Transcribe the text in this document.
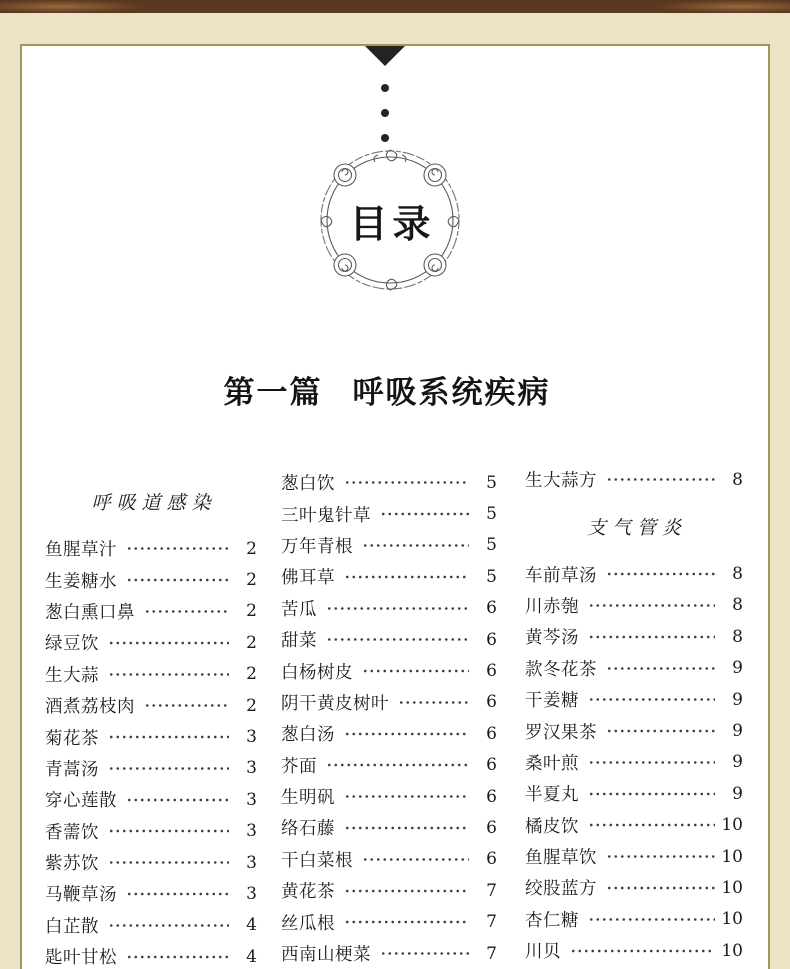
目录
第一篇 呼吸系统疾病
呼吸道感染
鱼腥草汁	2
生姜糖水	2
葱白熏口鼻	2
绿豆饮	2
生大蒜	2
酒煮荔枝肉	2
菊花茶	3
青蒿汤	3
穿心莲散	3
香薷饮	3
紫苏饮	3
马鞭草汤	3
白芷散	4
匙叶甘松	4
葱白饮	5
三叶鬼针草	5
万年青根	5
佛耳草	5
苦瓜	6
甜菜	6
白杨树皮	6
阴干黄皮树叶	6
葱白汤	6
芥面	6
生明矾	6
络石藤	6
干白菜根	6
黄花茶	7
丝瓜根	7
西南山梗菜	7
生大蒜方	8
支气管炎
车前草汤	8
川赤匏	8
黄芩汤	8
款冬花茶	9
干姜糖	9
罗汉果茶	9
桑叶煎	9
半夏丸	9
橘皮饮	10
鱼腥草饮	10
绞股蓝方	10
杏仁糖	10
川贝	10
